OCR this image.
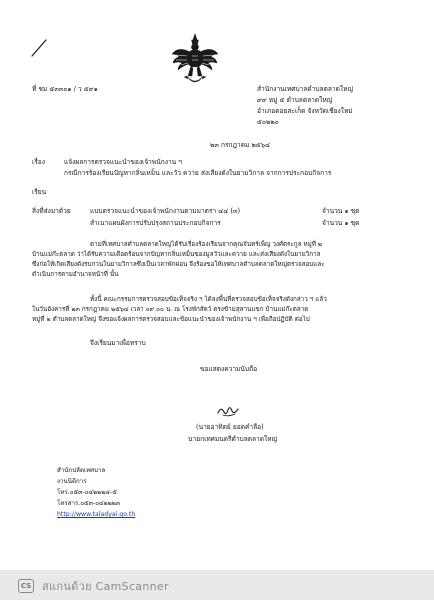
ที่ ชม ๕๓๓๐๑ / ว ๕๙๑	สำนักงานเทศบาลตำบลตลาดใหญ่
๙๙ หมู่ ๕ ตำบลตลาดใหญ่
อำเภอดอยสะเก็ด จังหวัดเชียงใหม่
๕๐๒๒๐
๒๓ กรกฎาคม ๒๕๖๔
เรื่อง	แจ้งผลการตรวจแนะนำของเจ้าพนักงาน ฯ
กรณีการร้องเรียนปัญหากลิ่นเหม็น และวัว ควาย ส่งเสียงดังในยามวิกาล จากการประกอบกิจการ
เรียน
สิ่งที่ส่งมาด้วย	แบบตรวจแนะนำของเจ้าพนักงานตามมาตรา ๔๔ (๓)	จำนวน ๑ ชุด
สำเนาแผนผังการปรับปรุงสถานประกอบกิจการ	จำนวน ๑ ชุด
ตามที่เทศบาลตำบลตลาดใหญ่ได้รับเรื่องร้องเรียนจากคุณจันทร์เพ็ญ วงศ์ตระกูล หมู่ที่ ๒
บ้านแม่ก๊ะตลาด ว่าได้รับความเดือดร้อนจากปัญหากลิ่นเหม็นของมูลวัวและควาย และส่งเสียงดังในยามวิกาล
ซึ่งก่อให้เกิดเสียงดังรบกวนในยามวิกาลซึ่งเป็นเวลาพักผ่อน จึงร้องขอให้เทศบาลตำบลตลาดใหญ่ตรวจสอบและ
ดำเนินการตามอำนาจหน้าที่ นั้น
ทั้งนี้ คณะกรรมการตรวจสอบข้อเท็จจริง ฯ ได้ลงพื้นที่ตรวจสอบข้อเท็จจริงดังกล่าว ฯ แล้ว
ในวันอังคารที่ ๒๓ กรกฎาคม ๒๕๖๔ เวลา ๐๙.๐๐ น. ณ โรงพักสัตว์ ตรงข้ามสุสานแขก บ้านแม่ก๊ะตลาด
หมู่ที่ ๒ ตำบลตลาดใหญ่ จึงขอแจ้งผลการตรวจสอบและข้อแนะนำของเจ้าพนักงาน ฯ เพื่อถือปฏิบัติ ต่อไป
จึงเรียนมาเพื่อทราบ
ขอแสดงความนับถือ
(นายอาทิตย์ ยอดคำลือ)
นายกเทศมนตรีตำบลตลาดใหญ่
สำนักปลัดเทศบาล
งานนิติการ
โทร.๐๕๓-๐๔๒๒๒๔-๕
โทรสาร.๐๕๓-๐๔๒๒๒๓
http://www.taladyai.go.th
CS สแกนด้วย CamScanner
